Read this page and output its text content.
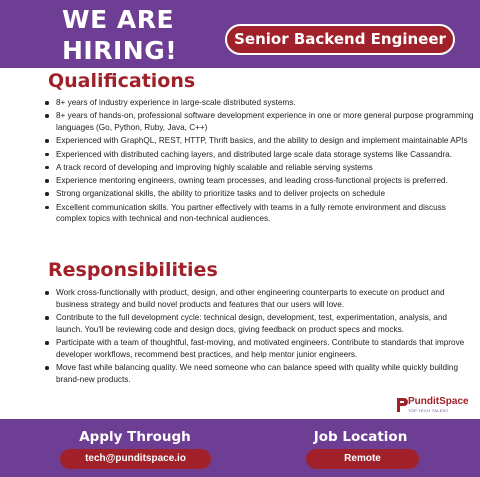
WE ARE
HIRING!	Senior Backend Engineer
Qualifications
8+ years of industry experience in large-scale distributed systems.
8+ years of hands-on, professional software development experience in one or more general purpose programming languages (Go, Python, Ruby, Java, C++)
Experienced with GraphQL, REST, HTTP, Thrift basics, and the ability to design and implement maintainable APIs
Experienced with distributed caching layers, and distributed large scale data storage systems like Cassandra.
A track record of developing and improving highly scalable and reliable serving systems
Experience mentoring engineers, owning team processes, and leading cross-functional projects is preferred.
Strong organizational skills, the ability to prioritize tasks and to deliver projects on schedule
Excellent communication skills. You partner effectively with teams in a fully remote environment and discuss complex topics with technical and non-technical audiences.
Responsibilities
Work cross-functionally with product, design, and other engineering counterparts to execute on product and business strategy and build novel products and features that our users will love.
Contribute to the full development cycle: technical design, development, test, experimentation, analysis, and launch. You'll be reviewing code and design docs, giving feedback on product specs and mocks.
Participate with a team of thoughtful, fast-moving, and motivated engineers. Contribute to standards that improve developer workflows, recommend best practices, and help mentor junior engineers.
Move fast while balancing quality. We need someone who can balance speed with quality while quickly building brand-new products.
PunditSpace
TOP TECH TALENT
Apply Through
tech@punditspace.io
Job Location
Remote
